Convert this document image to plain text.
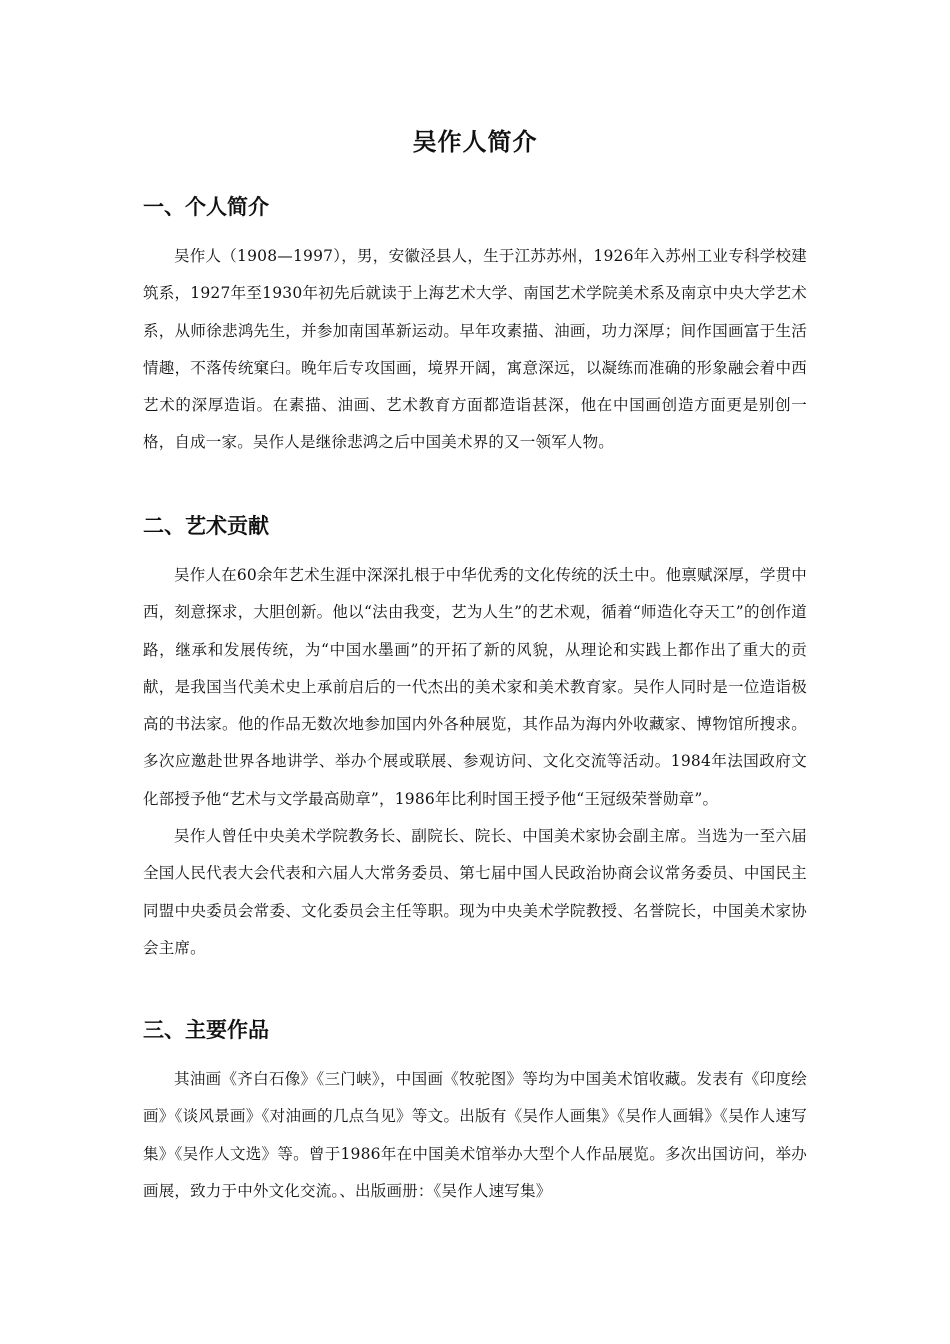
吴作人简介
一、个人简介

吴作人（1908—1997），男，安徽泾县人，生于江苏苏州，1926年入苏州工业专科学校建筑系，1927年至1930年初先后就读于上海艺术大学、南国艺术学院美术系及南京中央大学艺术系，从师徐悲鸿先生，并参加南国革新运动。早年攻素描、油画，功力深厚；间作国画富于生活情趣，不落传统窠臼。晚年后专攻国画，境界开阔，寓意深远，以凝练而准确的形象融会着中西艺术的深厚造诣。在素描、油画、艺术教育方面都造诣甚深，他在中国画创造方面更是别创一格，自成一家。吴作人是继徐悲鸿之后中国美术界的又一领军人物。

二、艺术贡献

吴作人在60余年艺术生涯中深深扎根于中华优秀的文化传统的沃土中。他禀赋深厚，学贯中西，刻意探求，大胆创新。他以“法由我变，艺为人生”的艺术观，循着“师造化夺天工”的创作道路，继承和发展传统，为“中国水墨画”的开拓了新的风貌，从理论和实践上都作出了重大的贡献，是我国当代美术史上承前启后的一代杰出的美术家和美术教育家。吴作人同时是一位造诣极高的书法家。他的作品无数次地参加国内外各种展览，其作品为海内外收藏家、博物馆所搜求。多次应邀赴世界各地讲学、举办个展或联展、参观访问、文化交流等活动。1984年法国政府文化部授予他“艺术与文学最高勋章”，1986年比利时国王授予他“王冠级荣誉勋章”。

吴作人曾任中央美术学院教务长、副院长、院长、中国美术家协会副主席。当选为一至六届全国人民代表大会代表和六届人大常务委员、第七届中国人民政治协商会议常务委员、中国民主同盟中央委员会常委、文化委员会主任等职。现为中央美术学院教授、名誉院长，中国美术家协会主席。

三、主要作品

其油画《齐白石像》《三门峡》，中国画《牧驼图》等均为中国美术馆收藏。发表有《印度绘画》《谈风景画》《对油画的几点刍见》等文。出版有《吴作人画集》《吴作人画辑》《吴作人速写集》《吴作人文选》等。曾于1986年在中国美术馆举办大型个人作品展览。多次出国访问，举办画展，致力于中外文化交流。、出版画册：《吴作人速写集》
